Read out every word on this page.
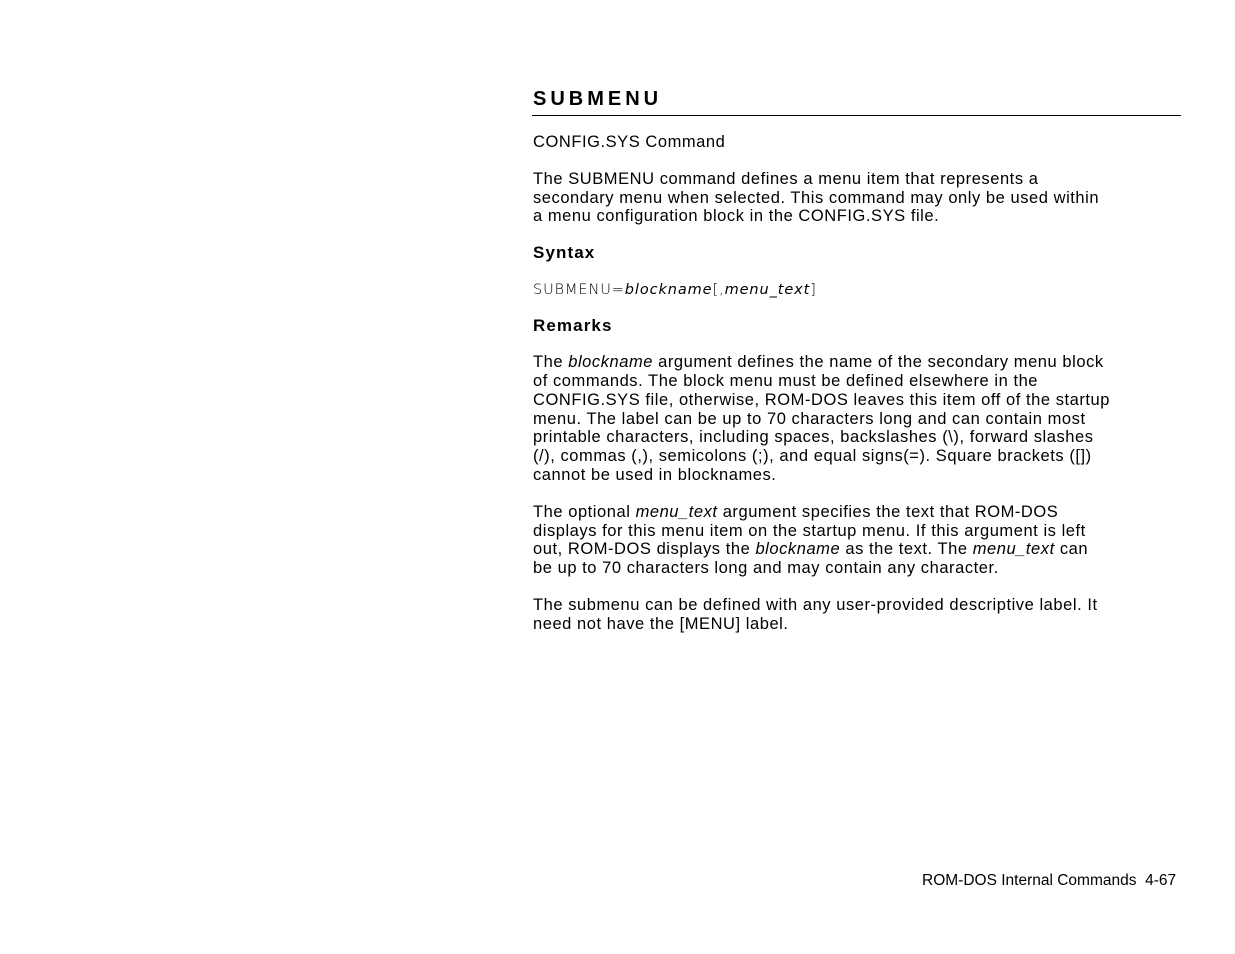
SUBMENU

CONFIG.SYS Command

The SUBMENU command defines a menu item that represents a
secondary menu when selected. This command may only be used within
a menu configuration block in the CONFIG.SYS file.

Syntax

SUBMENU=blockname[,menu_text]

Remarks

The blockname argument defines the name of the secondary menu block
of commands. The block menu must be defined elsewhere in the
CONFIG.SYS file, otherwise, ROM-DOS leaves this item off of the startup
menu. The label can be up to 70 characters long and can contain most
printable characters, including spaces, backslashes (\), forward slashes
(/), commas (,), semicolons (;), and equal signs(=). Square brackets ([])
cannot be used in blocknames.

The optional menu_text argument specifies the text that ROM-DOS
displays for this menu item on the startup menu. If this argument is left
out, ROM-DOS displays the blockname as the text. The menu_text can
be up to 70 characters long and may contain any character.

The submenu can be defined with any user-provided descriptive label. It
need not have the [MENU] label.

ROM-DOS Internal Commands  4-67
